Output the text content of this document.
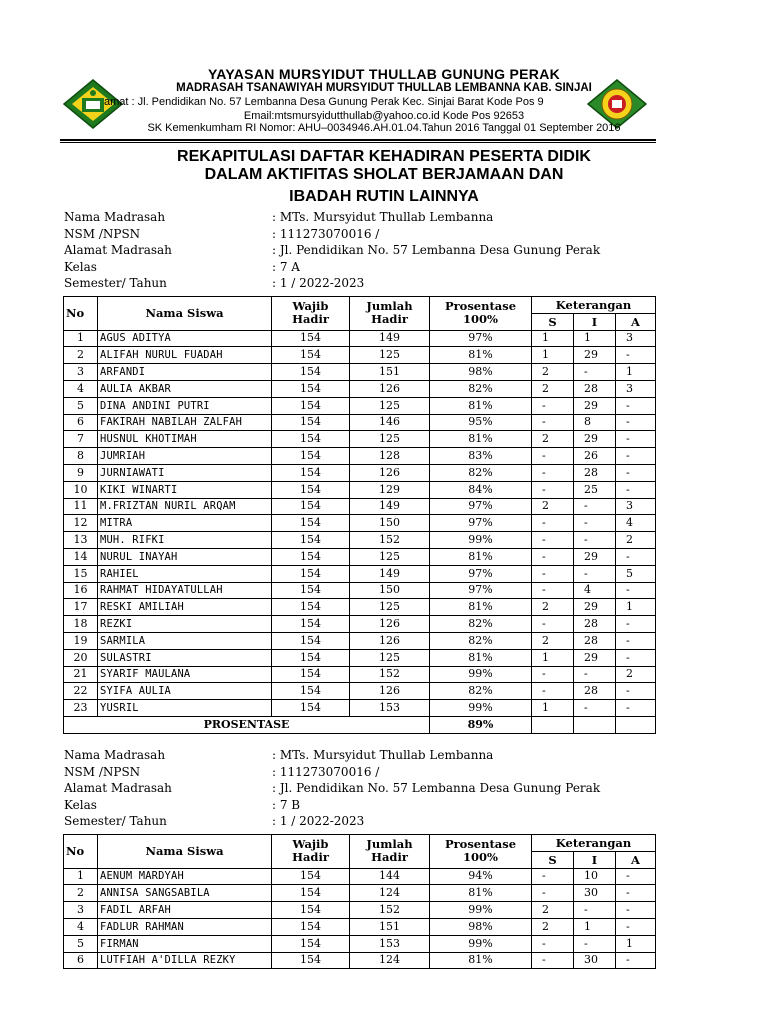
YAYASAN MURSYIDUT THULLAB GUNUNG PERAK
MADRASAH TSANAWIYAH MURSYIDUT THULLAB LEMBANNA KAB. SINJAI
amat : Jl. Pendidikan No. 57 Lembanna Desa Gunung Perak Kec. Sinjai Barat Kode Pos 9
Email:mtsmursyidutthullab@yahoo.co.id Kode Pos 92653
SK Kemenkumham RI Nomor: AHU–0034946.AH.01.04.Tahun 2016 Tanggal 01 September 2016
REKAPITULASI DAFTAR KEHADIRAN PESERTA DIDIK
DALAM AKTIFITAS SHOLAT BERJAMAAN DAN
IBADAH RUTIN LAINNYA
Nama Madrasah	: MTs. Mursyidut Thullab Lembanna
NSM /NPSN	: 111273070016 /
Alamat Madrasah	: Jl. Pendidikan No. 57 Lembanna Desa Gunung Perak
Kelas	: 7 A
Semester/ Tahun	: 1 / 2022-2023
No	Nama Siswa	Wajib Hadir	Jumlah Hadir	Prosentase 100%	Keterangan		
					S	I	A
1	AGUS ADITYA	154	149	97%	1	1	3
2	ALIFAH NURUL FUADAH	154	125	81%	1	29	-
3	ARFANDI	154	151	98%	2	-	1
4	AULIA AKBAR	154	126	82%	2	28	3
5	DINA ANDINI PUTRI	154	125	81%	-	29	-
6	FAKIRAH NABILAH ZALFAH	154	146	95%	-	8	-
7	HUSNUL KHOTIMAH	154	125	81%	2	29	-
8	JUMRIAH	154	128	83%	-	26	-
9	JURNIAWATI	154	126	82%	-	28	-
10	KIKI WINARTI	154	129	84%	-	25	-
11	M.FRIZTAN NURIL ARQAM	154	149	97%	2	-	3
12	MITRA	154	150	97%	-	-	4
13	MUH. RIFKI	154	152	99%	-	-	2
14	NURUL INAYAH	154	125	81%	-	29	-
15	RAHIEL	154	149	97%	-	-	5
16	RAHMAT HIDAYATULLAH	154	150	97%	-	4	-
17	RESKI AMILIAH	154	125	81%	2	29	1
18	REZKI	154	126	82%	-	28	-
19	SARMILA	154	126	82%	2	28	-
20	SULASTRI	154	125	81%	1	29	-
21	SYARIF MAULANA	154	152	99%	-	-	2
22	SYIFA AULIA	154	126	82%	-	28	-
23	YUSRIL	154	153	99%	1	-	-
PROSENTASE				89%			
Nama Madrasah	: MTs. Mursyidut Thullab Lembanna
NSM /NPSN	: 111273070016 /
Alamat Madrasah	: Jl. Pendidikan No. 57 Lembanna Desa Gunung Perak
Kelas	: 7 B
Semester/ Tahun	: 1 / 2022-2023
No	Nama Siswa	Wajib Hadir	Jumlah Hadir	Prosentase 100%	Keterangan		
					S	I	A
1	AENUM MARDYAH	154	144	94%	-	10	-
2	ANNISA SANGSABILA	154	124	81%	-	30	-
3	FADIL ARFAH	154	152	99%	2	-	-
4	FADLUR RAHMAN	154	151	98%	2	1	-
5	FIRMAN	154	153	99%	-	-	1
6	LUTFIAH A'DILLA REZKY	154	124	81%	-	30	-
